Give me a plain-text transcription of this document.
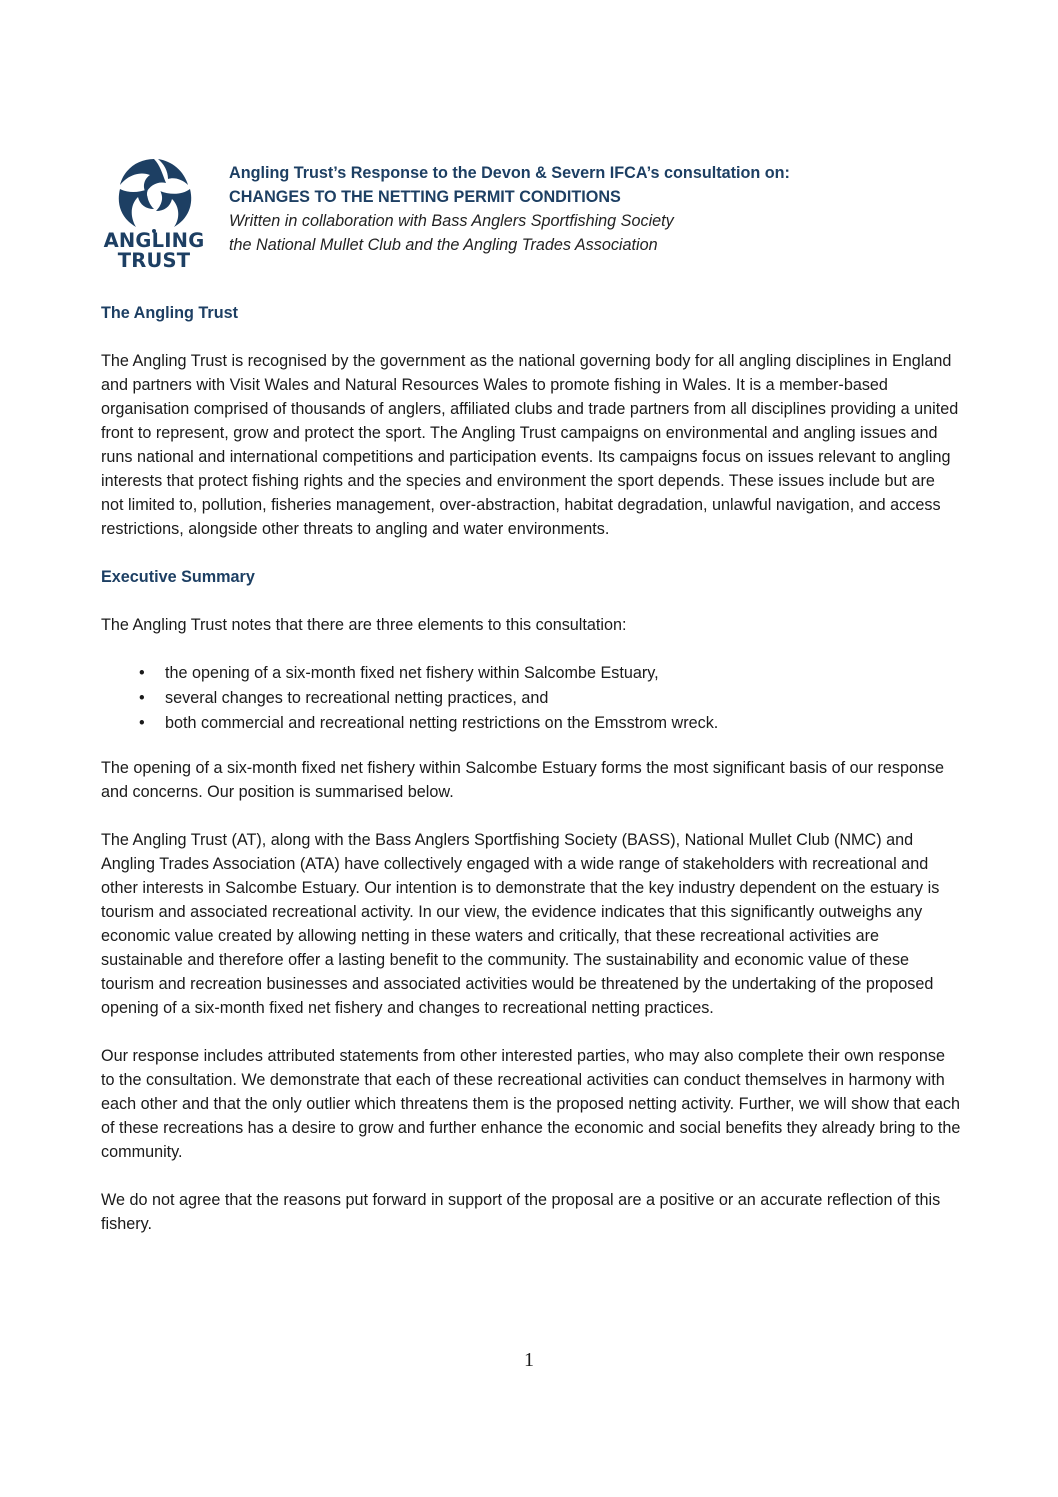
ANGLING
TRUST
Angling Trust’s Response to the Devon & Severn IFCA’s consultation on:
CHANGES TO THE NETTING PERMIT CONDITIONS
Written in collaboration with Bass Anglers Sportfishing Society
the National Mullet Club and the Angling Trades Association

The Angling Trust

The Angling Trust is recognised by the government as the national governing body for all angling disciplines in England and partners with Visit Wales and Natural Resources Wales to promote fishing in Wales. It is a member-based organisation comprised of thousands of anglers, affiliated clubs and trade partners from all disciplines providing a united front to represent, grow and protect the sport. The Angling Trust campaigns on environmental and angling issues and runs national and international competitions and participation events. Its campaigns focus on issues relevant to angling interests that protect fishing rights and the species and environment the sport depends. These issues include but are not limited to, pollution, fisheries management, over-abstraction, habitat degradation, unlawful navigation, and access restrictions, alongside other threats to angling and water environments.

Executive Summary

The Angling Trust notes that there are three elements to this consultation:

• the opening of a six-month fixed net fishery within Salcombe Estuary,
• several changes to recreational netting practices, and
• both commercial and recreational netting restrictions on the Emsstrom wreck.

The opening of a six-month fixed net fishery within Salcombe Estuary forms the most significant basis of our response and concerns. Our position is summarised below.

The Angling Trust (AT), along with the Bass Anglers Sportfishing Society (BASS), National Mullet Club (NMC) and Angling Trades Association (ATA) have collectively engaged with a wide range of stakeholders with recreational and other interests in Salcombe Estuary. Our intention is to demonstrate that the key industry dependent on the estuary is tourism and associated recreational activity. In our view, the evidence indicates that this significantly outweighs any economic value created by allowing netting in these waters and critically, that these recreational activities are sustainable and therefore offer a lasting benefit to the community. The sustainability and economic value of these tourism and recreation businesses and associated activities would be threatened by the undertaking of the proposed opening of a six-month fixed net fishery and changes to recreational netting practices.

Our response includes attributed statements from other interested parties, who may also complete their own response to the consultation. We demonstrate that each of these recreational activities can conduct themselves in harmony with each other and that the only outlier which threatens them is the proposed netting activity. Further, we will show that each of these recreations has a desire to grow and further enhance the economic and social benefits they already bring to the community.

We do not agree that the reasons put forward in support of the proposal are a positive or an accurate reflection of this fishery.

1
